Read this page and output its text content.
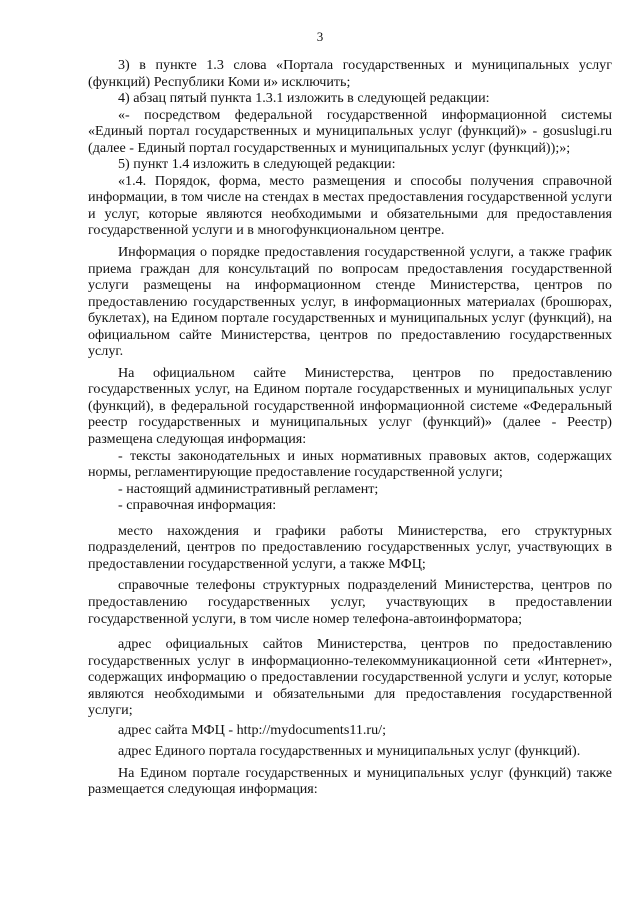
3

3) в пункте 1.3 слова «Портала государственных и муниципальных услуг (функций) Республики Коми и» исключить;

4) абзац пятый пункта 1.3.1 изложить в следующей редакции:

«- посредством федеральной государственной информационной системы «Единый портал государственных и муниципальных услуг (функций)» - gosuslugi.ru (далее - Единый портал государственных и муниципальных услуг (функций));»;

5) пункт 1.4 изложить в следующей редакции:

«1.4. Порядок, форма, место размещения и способы получения справочной информации, в том числе на стендах в местах предоставления государственной услуги и услуг, которые являются необходимыми и обязательными для предоставления государственной услуги и в многофункциональном центре.

Информация о порядке предоставления государственной услуги, а также график приема граждан для консультаций по вопросам предоставления государственной услуги размещены на информационном стенде Министерства, центров по предоставлению государственных услуг, в информационных материалах (брошюрах, буклетах), на Едином портале государственных и муниципальных услуг (функций), на официальном сайте Министерства, центров по предоставлению государственных услуг.

На официальном сайте Министерства, центров по предоставлению государственных услуг, на Едином портале государственных и муниципальных услуг (функций), в федеральной государственной информационной системе «Федеральный реестр государственных и муниципальных услуг (функций)» (далее - Реестр) размещена следующая информация:

- тексты законодательных и иных нормативных правовых актов, содержащих нормы, регламентирующие предоставление государственной услуги;

- настоящий административный регламент;

- справочная информация:

место нахождения и графики работы Министерства, его структурных подразделений, центров по предоставлению государственных услуг, участвующих в предоставлении государственной услуги, а также МФЦ;

справочные телефоны структурных подразделений Министерства, центров по предоставлению государственных услуг, участвующих в предоставлении государственной услуги, в том числе номер телефона-автоинформатора;

адрес официальных сайтов Министерства, центров по предоставлению государственных услуг в информационно-телекоммуникационной сети «Интернет», содержащих информацию о предоставлении государственной услуги и услуг, которые являются необходимыми и обязательными для предоставления государственной услуги;

адрес сайта МФЦ - http://mydocuments11.ru/;

адрес Единого портала государственных и муниципальных услуг (функций).

На Едином портале государственных и муниципальных услуг (функций) также размещается следующая информация:
